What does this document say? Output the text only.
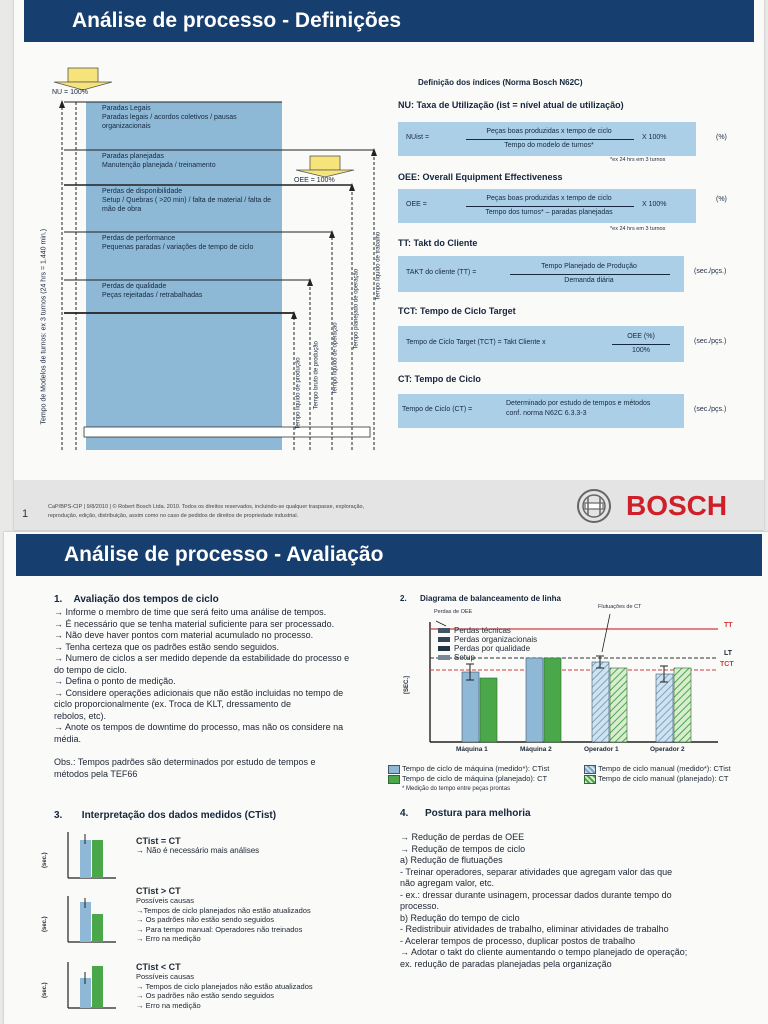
Análise de processo - Definições
NU = 100%
OEE = 100%
Paradas Legais
Paradas legais / acordos coletivos / pausas organizacionais
Paradas planejadas
Manutenção planejada / treinamento
Perdas de disponibilidade
Setup / Quebras ( >20 min) / falta de material / falta de mão de obra
Perdas de performance
Pequenas paradas / variações de tempo de ciclo
Perdas de qualidade
Peças rejeitadas / retrabalhadas
Tempo de Modelos de turnos: ex 3 turnos (24 hrs = 1.440 min.)	Tempo liquido de produção	Tempo bruto de produção	Tempo liquido de operação
Tempo planejado de operação
Tempo liquido de trabalho
Definição dos índices (Norma Bosch N62C)
NU: Taxa de Utilização (ist = nível atual de utilização)
NUist =
Peças boas produzidas x tempo de ciclo
Tempo do modelo de turnos*
X 100%	(%)
*ex 24 hrs em 3 turnos
OEE: Overall Equipment Effectiveness
OEE =
Peças boas produzidas x tempo de ciclo
Tempo dos turnos* – paradas planejadas
X 100%
(%)
*ex 24 hrs em 3 turnos
TT: Takt do Cliente
TAKT do cliente (TT) =
Tempo Planejado de Produção
Demanda diária
(sec./pçs.)
TCT: Tempo de Ciclo Target
Tempo de Ciclo Target (TCT) = Takt Cliente x
OEE (%)
100%
(sec./pçs.)
CT: Tempo de Ciclo
Tempo de Ciclo (CT) =
Determinado por estudo de tempos e métodos
conf. norma N62C 6.3.3-3
(sec./pçs.)
1
CaP/BPS-CIP | 9/8/2010 | © Robert Bosch Ltda. 2010. Todos os direitos reservados, incluindo-se qualquer traspasse, exploração,
reprodução, edição, distribuição, assim como no caso de pedidos de direitos de propriedade industrial.	BOSCH
Análise de processo - Avaliação
1. Avaliação dos tempos de ciclo
→ Informe o membro de time que será feito uma análise de tempos.
→ É necessário que se tenha material suficiente para ser processado.
→ Não deve haver pontos com material acumulado no processo.
→ Tenha certeza que os padrões estão sendo seguidos.
→ Numero de ciclos a ser medido depende da estabilidade do processo e
do tempo de ciclo.
→ Defina o ponto de medição.
→ Considere operações adicionais que não estão incluidas no tempo de
ciclo proporcionalmente (ex. Troca de KLT, dressamento de
rebolos, etc).
→ Anote os tempos de downtime do processo, mas não os considere na
média.
Obs.: Tempos padrões são determinados por estudo de tempos e
métodos pela TEF66
2. Diagrama de balanceamento de linha
[SEC.]
Perdas de OEE
Flutuações de CT
Perdas técnicas
Perdas organizacionais
Perdas por qualidade
Setup
TT
LT
TCT
Máquina 1	Máquina 2	Operador 1	Operador 2
Tempo de ciclo de máquina (medido*): CTist	Tempo de ciclo manual (medido*): CTist
Tempo de ciclo de máquina (planejado): CT	Tempo de ciclo manual (planejado): CT
* Medição do tempo entre peças prontas
3. Interpretação dos dados medidos (CTist)
(sec.)
(sec.)
(sec.)
CTist = CT
→ Não é necessário mais análises
CTist > CT
Possíveis causas
→Tempos de ciclo planejados não estão atualizados
→ Os padrões não estão sendo seguidos
→ Para tempo manual: Operadores não treinados
→ Erro na medição
CTist < CT
Possíveis causas
→ Tempos de ciclo planejados não estão atualizados
→ Os padrões não estão sendo seguidos
→ Erro na medição
4. Postura para melhoria
→ Redução de perdas de OEE
→ Redução de tempos de ciclo
a) Redução de flutuações
- Treinar operadores, separar atividades que agregam valor das que
não agregam valor, etc.
- ex.: dressar durante usinagem, processar dados durante tempo do
processo.
b) Redução do tempo de ciclo
- Redistribuir atividades de trabalho, eliminar atividades de trabalho
- Acelerar tempos de processo, duplicar postos de trabalho
→ Adotar o takt do cliente aumentando o tempo planejado de operação;
ex. redução de paradas planejadas pela organização
